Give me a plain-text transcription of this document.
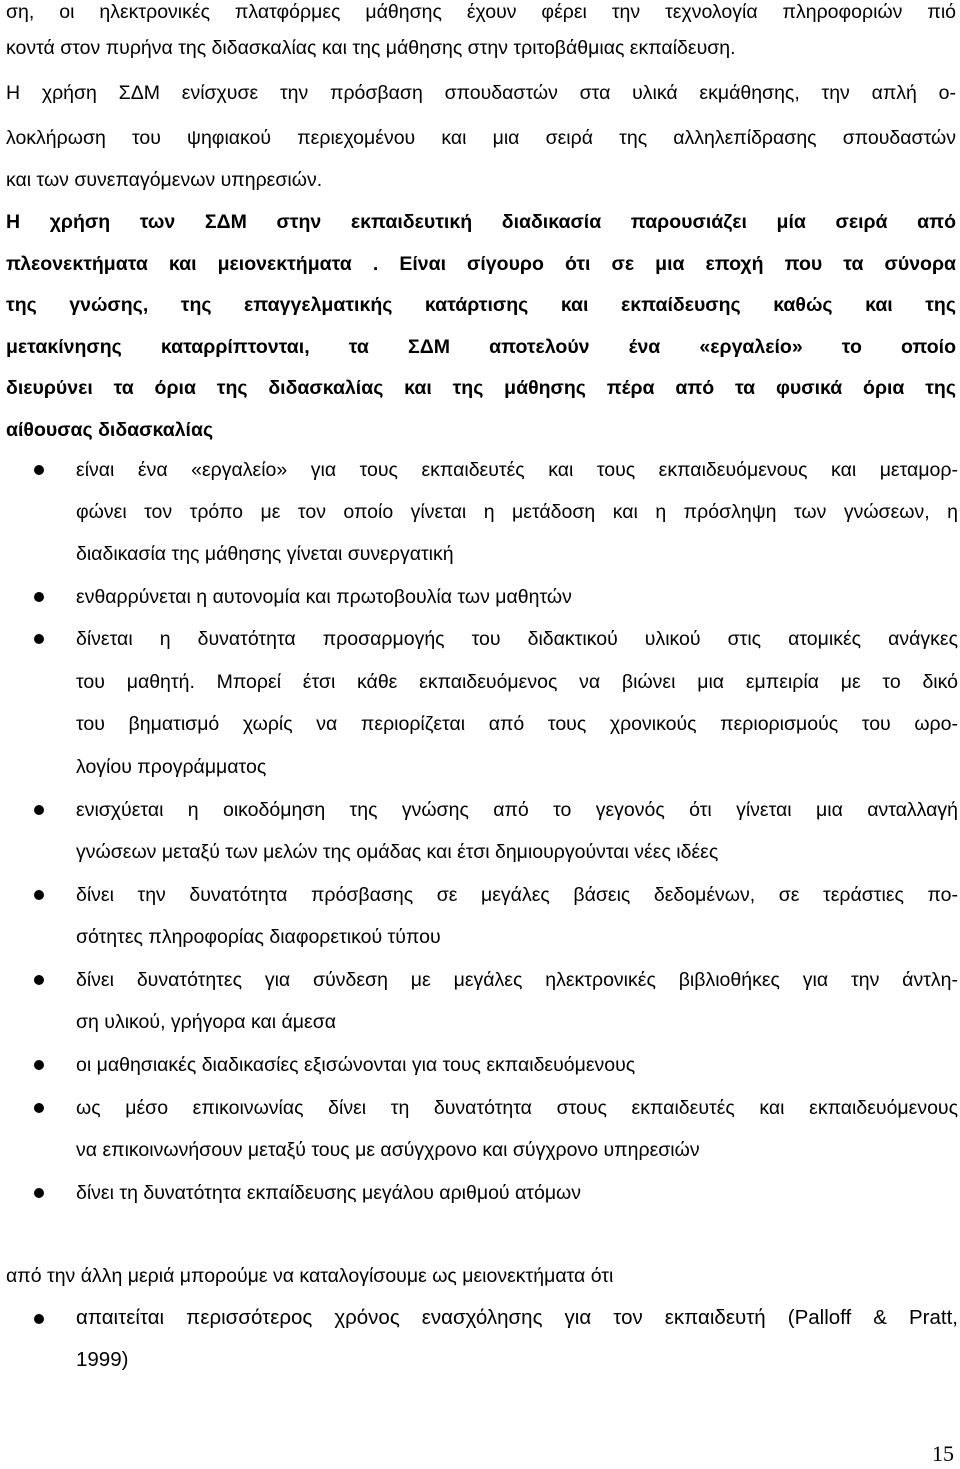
ση, οι ηλεκτρονικές πλατφόρμες μάθησης έχουν φέρει την τεχνολογία πληροφοριών πιό
κοντά στον πυρήνα της διδασκαλίας και της μάθησης στην τριτοβάθμιας εκπαίδευση.
Η χρήση ΣΔΜ ενίσχυσε την πρόσβαση σπουδαστών στα υλικά εκμάθησης, την απλή ο-
λοκλήρωση του ψηφιακού περιεχομένου και μια σειρά της αλληλεπίδρασης σπουδαστών
και των συνεπαγόμενων υπηρεσιών.
Η χρήση των ΣΔΜ στην εκπαιδευτική διαδικασία παρουσιάζει μία σειρά από
πλεονεκτήματα και μειονεκτήματα . Είναι σίγουρο ότι σε μια εποχή που τα σύνορα
της γνώσης, της επαγγελματικής κατάρτισης και εκπαίδευσης καθώς και της
μετακίνησης καταρρίπτονται, τα ΣΔΜ αποτελούν ένα «εργαλείο» το οποίο
διευρύνει τα όρια της διδασκαλίας και της μάθησης πέρα από τα φυσικά όρια της
αίθουσας διδασκαλίας
είναι ένα «εργαλείο» για τους εκπαιδευτές και τους εκπαιδευόμενους και μεταμορ-
φώνει τον τρόπο με τον οποίο γίνεται η μετάδοση και η πρόσληψη των γνώσεων, η
διαδικασία της μάθησης γίνεται συνεργατική
ενθαρρύνεται η αυτονομία και πρωτοβουλία των μαθητών
δίνεται η δυνατότητα προσαρμογής του διδακτικού υλικού στις ατομικές ανάγκες
του μαθητή. Μπορεί έτσι κάθε εκπαιδευόμενος να βιώνει μια εμπειρία με το δικό
του βηματισμό χωρίς να περιορίζεται από τους χρονικούς περιορισμούς του ωρο-
λογίου προγράμματος
ενισχύεται η οικοδόμηση της γνώσης από το γεγονός ότι γίνεται μια ανταλλαγή
γνώσεων μεταξύ των μελών της ομάδας και έτσι δημιουργούνται νέες ιδέες
δίνει την δυνατότητα πρόσβασης σε μεγάλες βάσεις δεδομένων, σε τεράστιες πο-
σότητες πληροφορίας διαφορετικού τύπου
δίνει δυνατότητες για σύνδεση με μεγάλες ηλεκτρονικές βιβλιοθήκες για την άντλη-
ση υλικού, γρήγορα και άμεσα
οι μαθησιακές διαδικασίες εξισώνονται για τους εκπαιδευόμενους
ως μέσο επικοινωνίας δίνει τη δυνατότητα στους εκπαιδευτές και εκπαιδευόμενους
να επικοινωνήσουν μεταξύ τους με ασύγχρονο και σύγχρονο υπηρεσιών
δίνει τη δυνατότητα εκπαίδευσης μεγάλου αριθμού ατόμων
από την άλλη μεριά μπορούμε να καταλογίσουμε ως μειονεκτήματα ότι
απαιτείται περισσότερος χρόνος ενασχόλησης για τον εκπαιδευτή (Palloff & Pratt,
1999)
15
